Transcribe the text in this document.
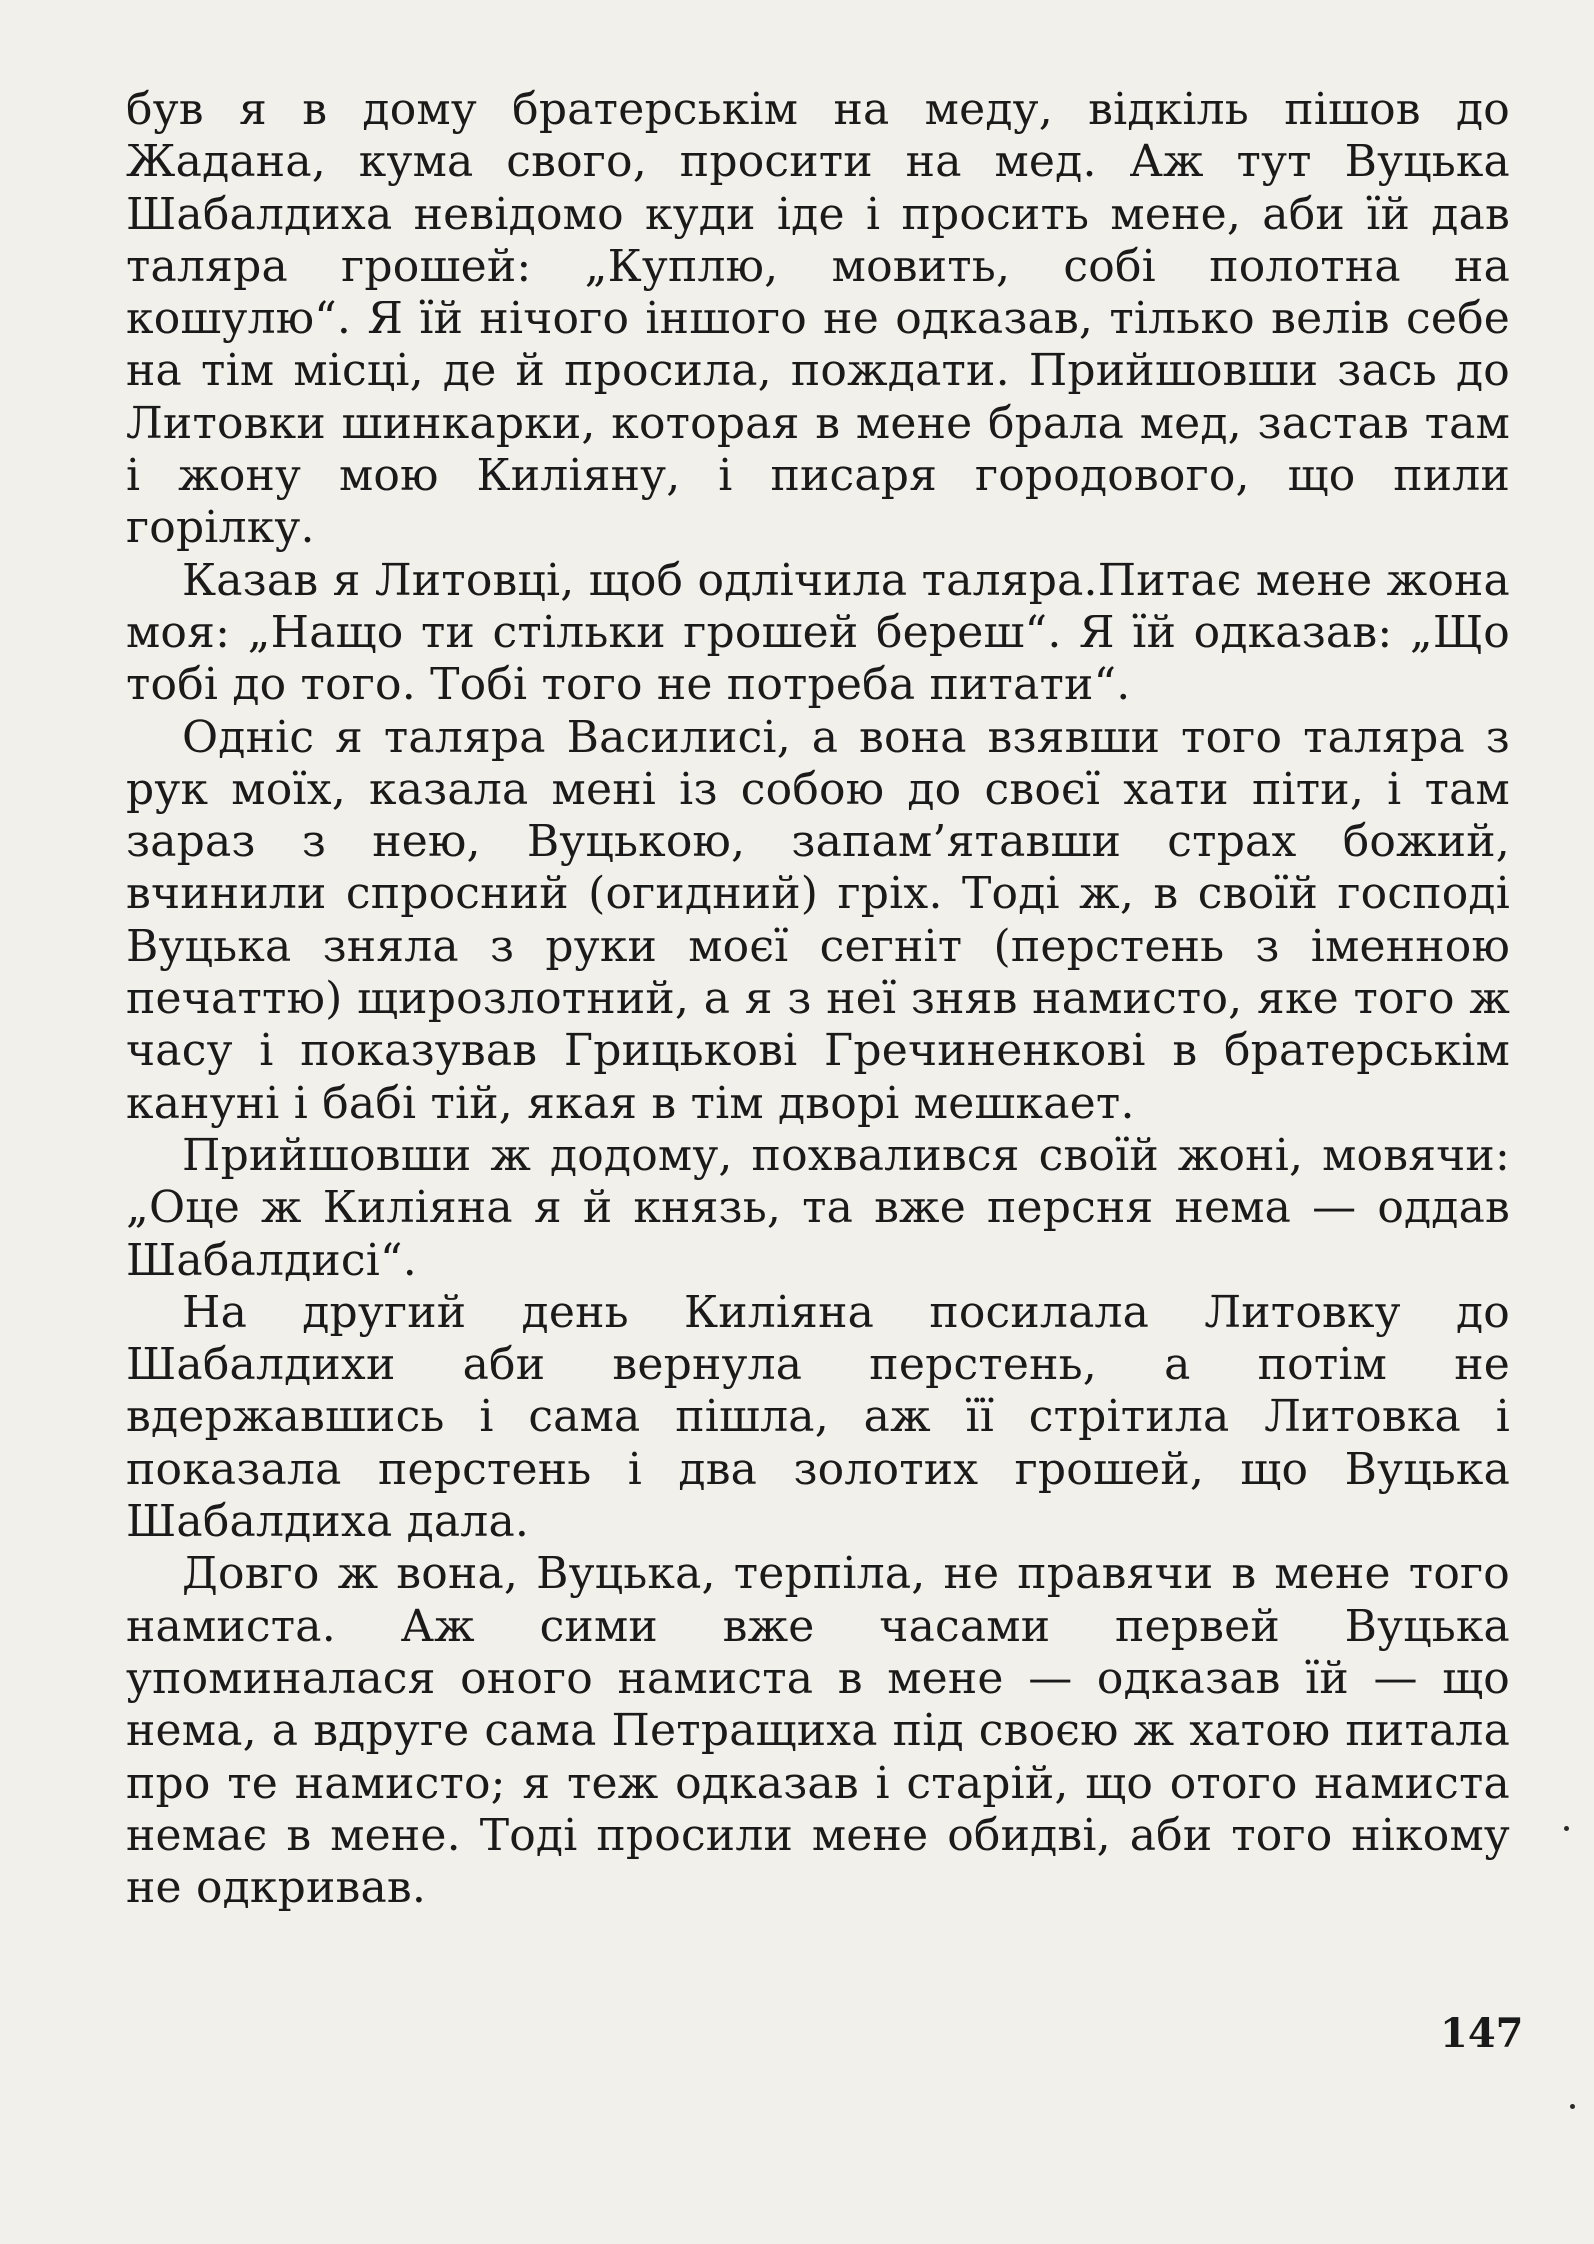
був я в дому братерськім на меду, відкіль пішов до Жадана, кума свого, просити на мед. Аж тут Вуцька Шабалдиха невідомо куди іде і просить мене, аби їй дав таляра грошей: „Куплю, мовить, собі полотна на кошулю“. Я їй нічого іншого не одказав, тілько велів себе на тім місці, де й просила, пождати. Прийшовши зась до Литовки шинкарки, которая в мене брала мед, застав там і жону мою Киліяну, і писаря городового, що пили горілку.

Казав я Литовці, щоб одлічила таляра.Питає мене жона моя: „Нащо ти стільки грошей береш“. Я їй одказав: „Що тобі до того. Тобі того не потреба питати“.

Одніс я таляра Василисі, а вона взявши того таляра з рук моїх, казала мені із собою до своєї хати піти, і там зараз з нею, Вуцькою, запам’ятавши страх божий, вчинили спросний (огидний) гріх. Тоді ж, в своїй господі Вуцька зняла з руки моєї сегніт (перстень з іменною печаттю) щирозлотний, а я з неї зняв намисто, яке того ж часу і показував Грицькові Гречиненкові в братерськім кануні і бабі тій, якая в тім дворі мешкает.

Прийшовши ж додому, похвалився своїй жоні, мовячи: „Оце ж Киліяна я й князь, та вже персня нема — оддав Шабалдисі“.

На другий день Киліяна посилала Литовку до Шабалдихи аби вернула перстень, а потім не вдержавшись і сама пішла, аж її стрітила Литовка і показала перстень і два золотих грошей, що Вуцька Шабалдиха дала.

Довго ж вона, Вуцька, терпіла, не правячи в мене того намиста. Аж сими вже часами первей Вуцька упоминалася оного намиста в мене — одказав їй — що нема, а вдруге сама Петращиха під своєю ж хатою питала про те намисто; я теж одказав і старій, що отого намиста немає в мене. Тоді просили мене обидві, аби того нікому не одкривав.

147
